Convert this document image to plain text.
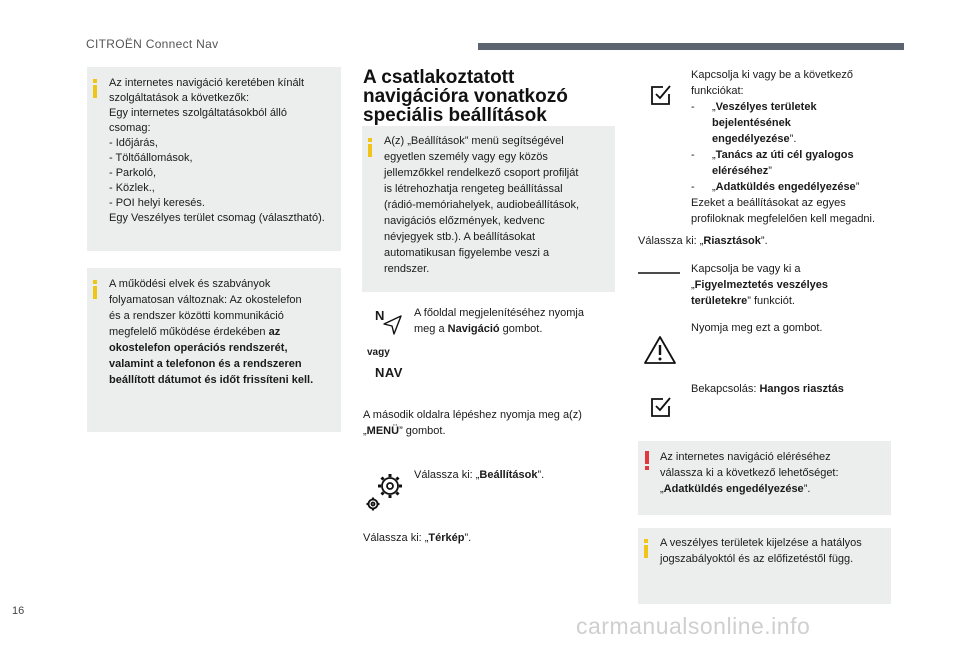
CITROËN Connect Nav
Az internetes navigáció keretében kínált
szolgáltatások a következők:
Egy internetes szolgáltatásokból álló
csomag:
- Időjárás,
- Töltőállomások,
- Parkoló,
- Közlek.,
- POI helyi keresés.
Egy Veszélyes terület csomag (választható).
A működési elvek és szabványok
folyamatosan változnak: Az okostelefon
és a rendszer közötti kommunikáció
megfelelő működése érdekében az
okostelefon operációs rendszerét,
valamint a telefonon és a rendszeren
beállított dátumot és időt frissíteni kell.
A csatlakoztatott
navigációra vonatkozó
speciális beállítások
A(z) „Beállítások” menü segítségével
egyetlen személy vagy egy közös
jellemzőkkel rendelkező csoport profilját
is létrehozhatja rengeteg beállítással
(rádió-memóriahelyek, audiobeállítások,
navigációs előzmények, kedvenc
névjegyek stb.). A beállításokat
automatikusan figyelembe veszi a
rendszer.
N
vagy
NAV
A főoldal megjelenítéséhez nyomja
meg a Navigáció gombot.
A második oldalra lépéshez nyomja meg a(z)
„MENÜ” gombot.
Válassza ki: „Beállítások”.
Válassza ki: „Térkép”.
Kapcsolja ki vagy be a következő
funkciókat:
- „Veszélyes területek
bejelentésének
engedélyezése”.
- „Tanács az úti cél gyalogos
eléréséhez”
- „Adatküldés engedélyezése”
Ezeket a beállításokat az egyes
profiloknak megfelelően kell megadni.
Válassza ki: „Riasztások”.
Kapcsolja be vagy ki a
„Figyelmeztetés veszélyes
területekre” funkciót.
Nyomja meg ezt a gombot.
Bekapcsolás: Hangos riasztás
Az internetes navigáció eléréséhez
válassza ki a következő lehetőséget:
„Adatküldés engedélyezése”.
A veszélyes területek kijelzése a hatályos
jogszabályoktól és az előfizetéstől függ.
16
carmanualsonline.info
